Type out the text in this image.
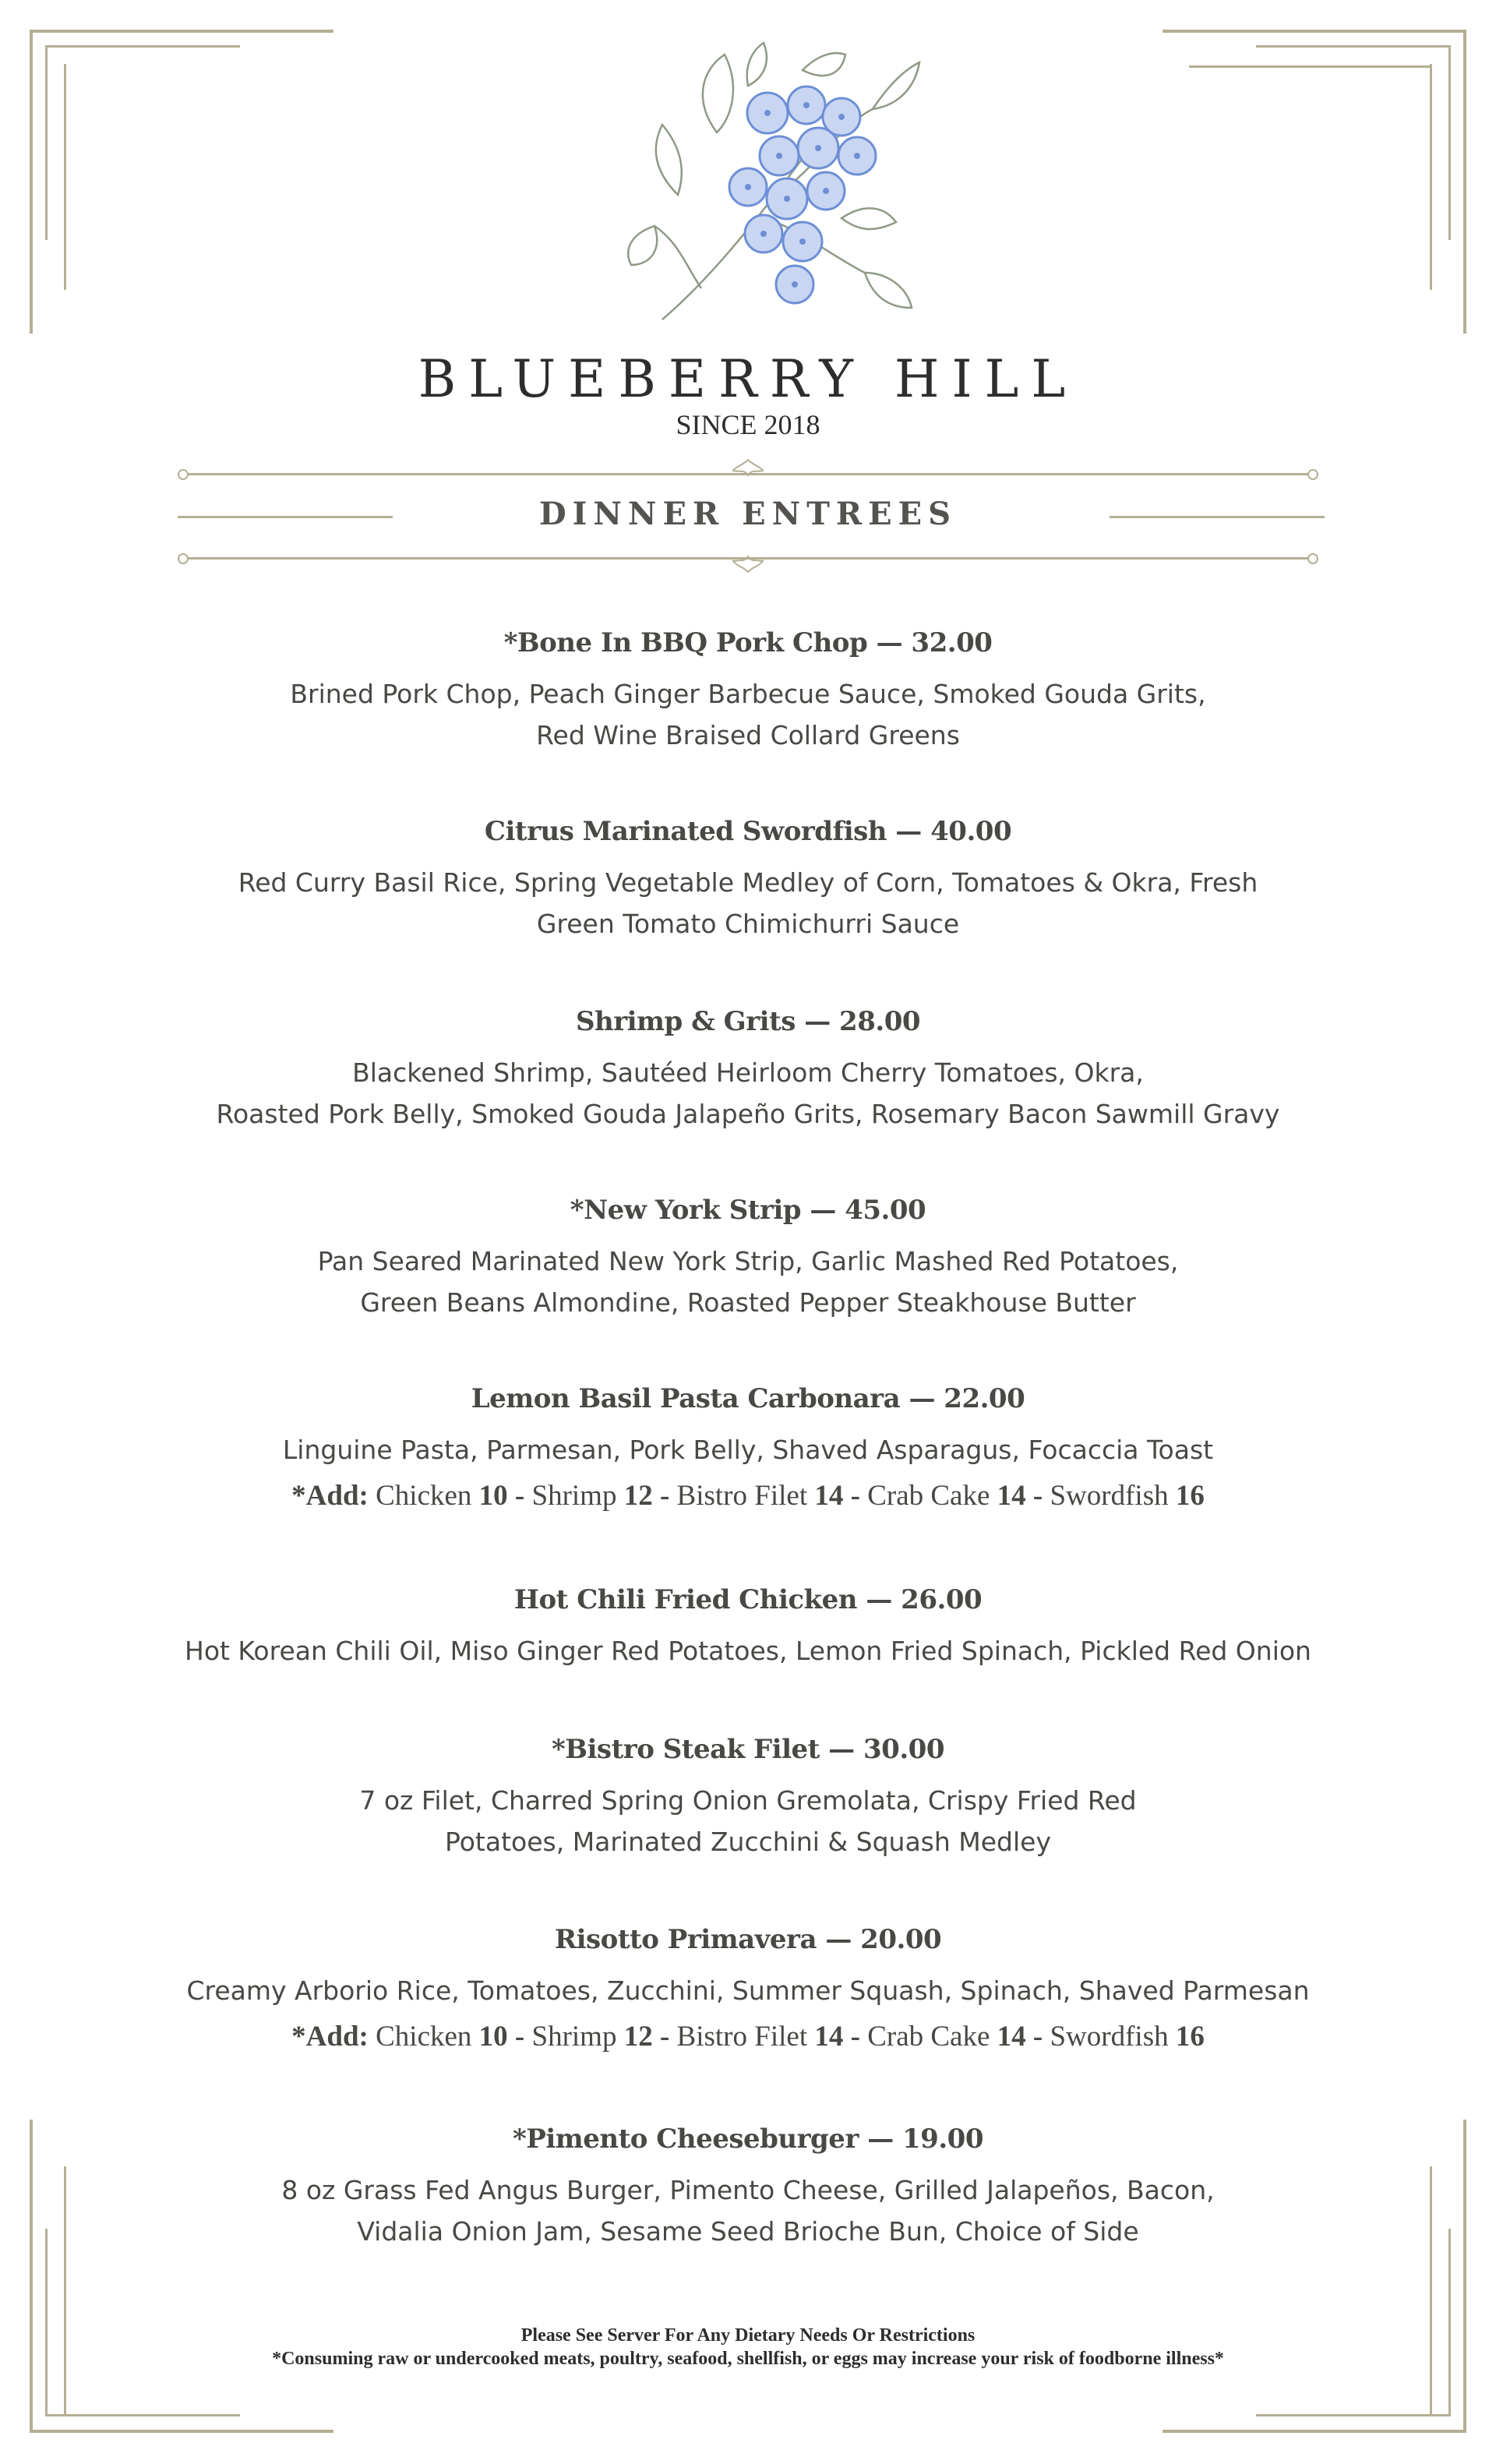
BLUEBERRY HILL
SINCE 2018
DINNER ENTREES
*Bone In BBQ Pork Chop — 32.00
Brined Pork Chop, Peach Ginger Barbecue Sauce, Smoked Gouda Grits,
Red Wine Braised Collard Greens
Citrus Marinated Swordfish — 40.00
Red Curry Basil Rice, Spring Vegetable Medley of Corn, Tomatoes & Okra, Fresh
Green Tomato Chimichurri Sauce
Shrimp & Grits — 28.00
Blackened Shrimp, Sautéed Heirloom Cherry Tomatoes, Okra,
Roasted Pork Belly, Smoked Gouda Jalapeño Grits, Rosemary Bacon Sawmill Gravy
*New York Strip — 45.00
Pan Seared Marinated New York Strip, Garlic Mashed Red Potatoes,
Green Beans Almondine, Roasted Pepper Steakhouse Butter
Lemon Basil Pasta Carbonara — 22.00
Linguine Pasta, Parmesan, Pork Belly, Shaved Asparagus, Focaccia Toast
*Add: Chicken 10 - Shrimp 12 - Bistro Filet 14 - Crab Cake 14 - Swordfish 16
Hot Chili Fried Chicken — 26.00
Hot Korean Chili Oil, Miso Ginger Red Potatoes, Lemon Fried Spinach, Pickled Red Onion
*Bistro Steak Filet — 30.00
7 oz Filet, Charred Spring Onion Gremolata, Crispy Fried Red
Potatoes, Marinated Zucchini & Squash Medley
Risotto Primavera — 20.00
Creamy Arborio Rice, Tomatoes, Zucchini, Summer Squash, Spinach, Shaved Parmesan
*Add: Chicken 10 - Shrimp 12 - Bistro Filet 14 - Crab Cake 14 - Swordfish 16
*Pimento Cheeseburger — 19.00
8 oz Grass Fed Angus Burger, Pimento Cheese, Grilled Jalapeños, Bacon,
Vidalia Onion Jam, Sesame Seed Brioche Bun, Choice of Side
Please See Server For Any Dietary Needs Or Restrictions
*Consuming raw or undercooked meats, poultry, seafood, shellfish, or eggs may increase your risk of foodborne illness*
